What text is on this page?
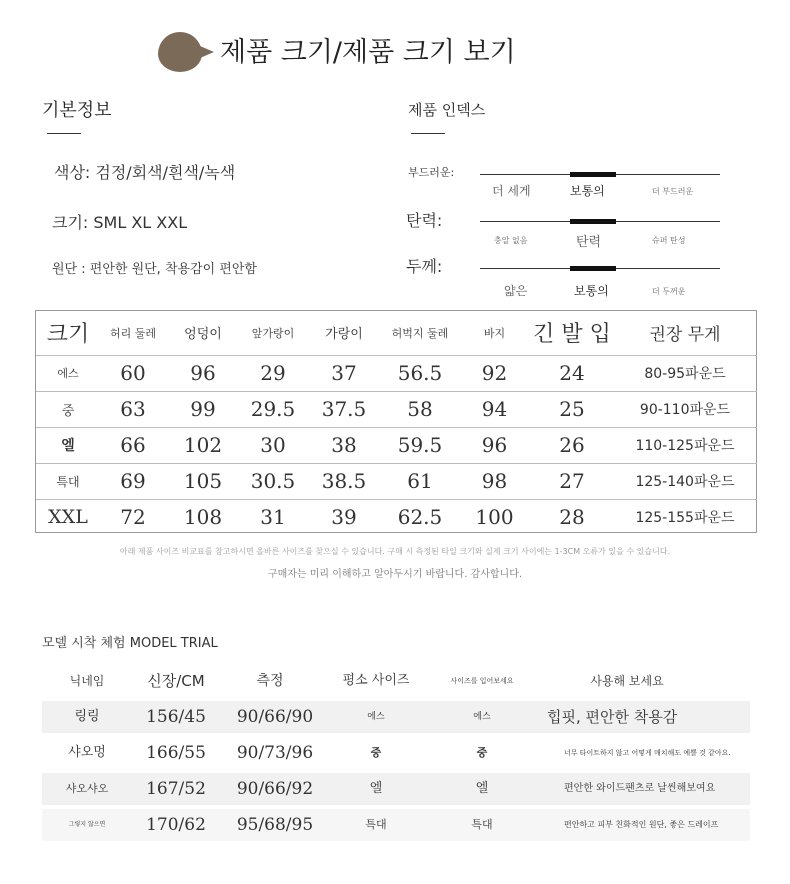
제품 크기/제품 크기 보기
기본정보
색상: 검정/회색/흰색/녹색
크기: SML XL XXL
원단 : 편안한 원단, 착용감이 편안함
제품 인덱스
부드러운:
더 세게	보통의	더 부드러운
탄력:
충알 없음	탄력	슈퍼 탄성
두께:
얇은	보통의	더 두꺼운
크기	허리 둘레	엉덩이	앞가랑이	가랑이	허벅지 둘레	바지	긴 발 입	권장 무게
에스	60	96	29	37	56.5	92	24	80-95파운드
중	63	99	29.5	37.5	58	94	25	90-110파운드
엘	66	102	30	38	59.5	96	26	110-125파운드
특대	69	105	30.5	38.5	61	98	27	125-140파운드
XXL	72	108	31	39	62.5	100	28	125-155파운드
아래 제품 사이즈 비교표를 참고하시면 올바른 사이즈를 찾으실 수 있습니다. 구매 시 측정된 타일 크기와 실제 크기 사이에는 1-3CM 오류가 있을 수 있습니다.
구매자는 미리 이해하고 알아두시기 바랍니다. 감사합니다.
모델 시착 체험 MODEL TRIAL
닉네임	신장/CM	측정	평소 사이즈	사이즈를 입어보세요	사용해 보세요
링링	156/45	90/66/90	에스	에스	힙핏, 편안한 착용감
샤오멍	166/55	90/73/96	중	중	너무 타이트하지 않고 어떻게 매치해도 예쁠 것 같아요.
샤오샤오	167/52	90/66/92	엘	엘	편안한 와이드팬츠로 날씬해보여요
그렇지 않으면	170/62	95/68/95	특대	특대	편안하고 피부 친화적인 원단, 좋은 드레이프
